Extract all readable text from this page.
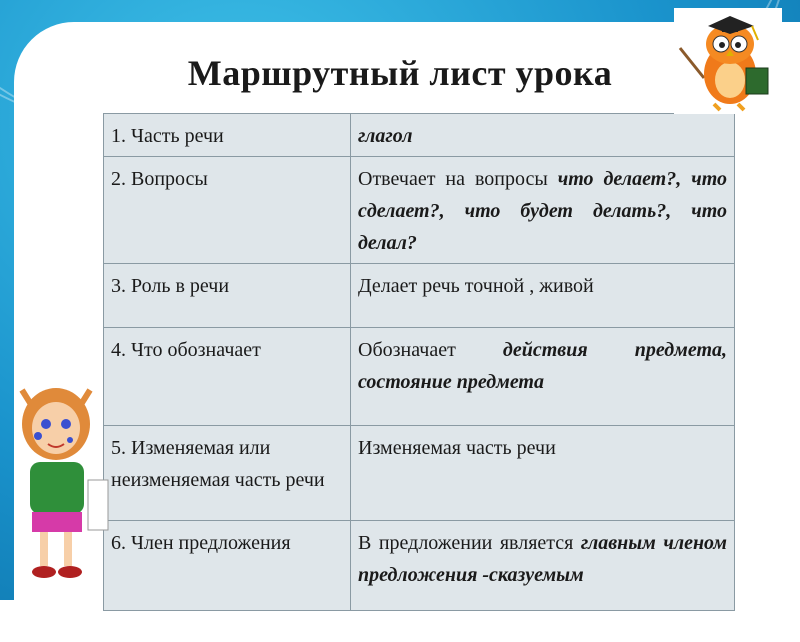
Маршрутный лист урока
1. Часть речи	глагол
2. Вопросы	Отвечает на вопросы что делает?, что сделает?, что будет делать?, что делал?
3. Роль в речи	Делает речь точной , живой
4. Что обозначает	Обозначает действия предмета, состояние предмета
5. Изменяемая или неизменяемая часть речи	Изменяемая часть речи
6. Член предложения	В предложении является главным членом предложения -сказуемым
